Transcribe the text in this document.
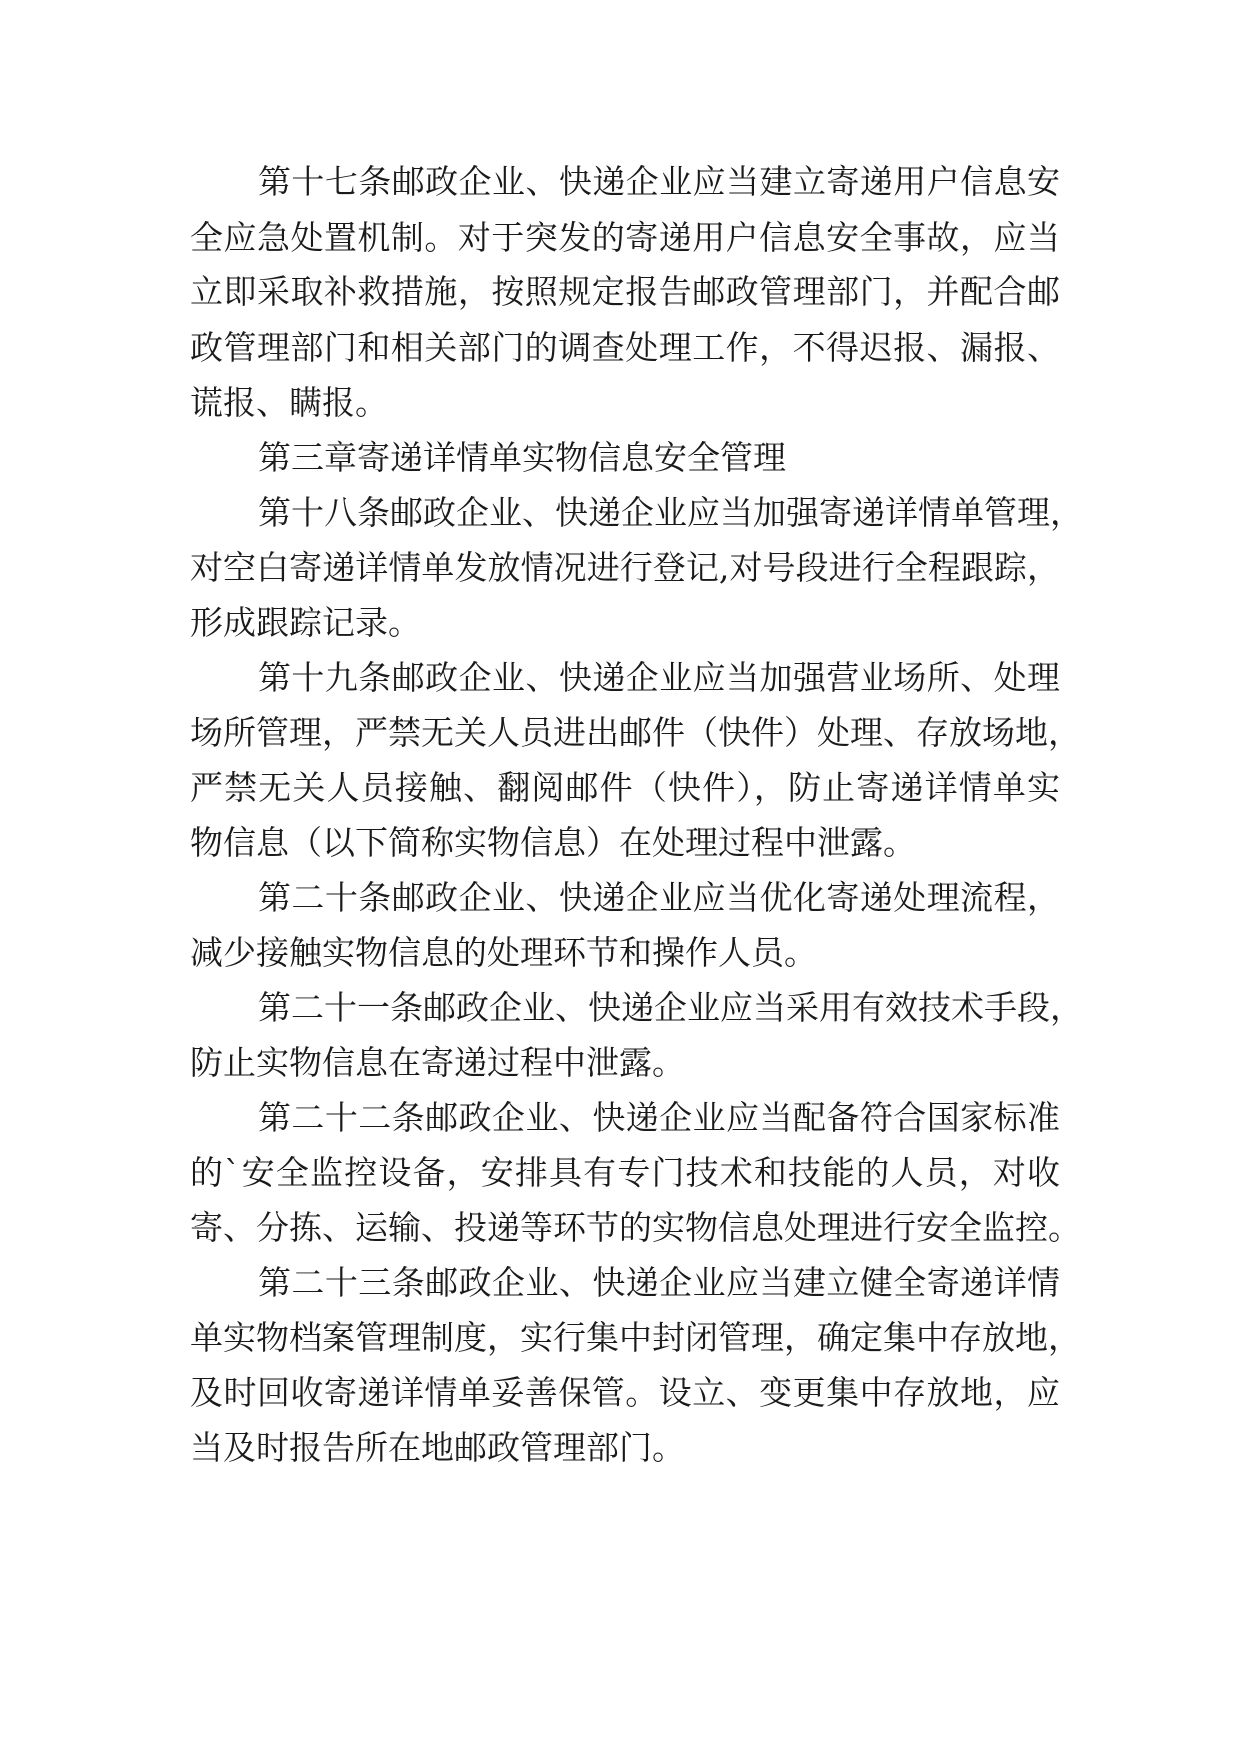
第十七条邮政企业、快递企业应当建立寄递用户信息安
全应急处置机制。对于突发的寄递用户信息安全事故，应当
立即采取补救措施，按照规定报告邮政管理部门，并配合邮
政管理部门和相关部门的调查处理工作，不得迟报、漏报、
谎报、瞒报。
第三章寄递详情单实物信息安全管理
第十八条邮政企业、快递企业应当加强寄递详情单管理，
对空白寄递详情单发放情况进行登记,对号段进行全程跟踪，
形成跟踪记录。
第十九条邮政企业、快递企业应当加强营业场所、处理
场所管理，严禁无关人员进出邮件（快件）处理、存放场地，
严禁无关人员接触、翻阅邮件（快件），防止寄递详情单实
物信息（以下简称实物信息）在处理过程中泄露。
第二十条邮政企业、快递企业应当优化寄递处理流程，
减少接触实物信息的处理环节和操作人员。
第二十一条邮政企业、快递企业应当采用有效技术手段，
防止实物信息在寄递过程中泄露。
第二十二条邮政企业、快递企业应当配备符合国家标准
的`安全监控设备，安排具有专门技术和技能的人员，对收
寄、分拣、运输、投递等环节的实物信息处理进行安全监控。
第二十三条邮政企业、快递企业应当建立健全寄递详情
单实物档案管理制度，实行集中封闭管理，确定集中存放地，
及时回收寄递详情单妥善保管。设立、变更集中存放地，应
当及时报告所在地邮政管理部门。
